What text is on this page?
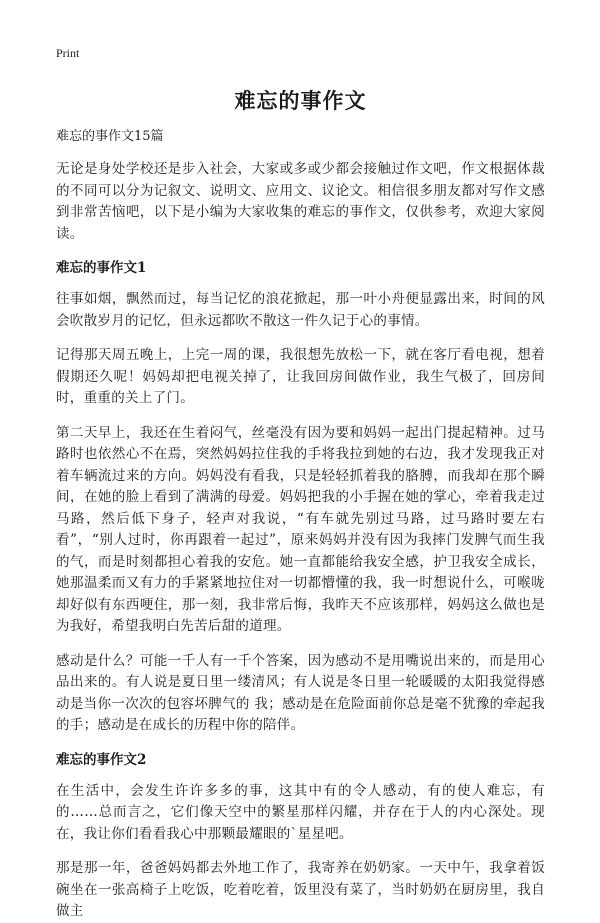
Print
难忘的事作文
难忘的事作文15篇

无论是身处学校还是步入社会，大家或多或少都会接触过作文吧，作文根据体裁的不同可以分为记叙文、说明文、应用文、议论文。相信很多朋友都对写作文感到非常苦恼吧，以下是小编为大家收集的难忘的事作文，仅供参考，欢迎大家阅读。

难忘的事作文1

往事如烟，飘然而过，每当记忆的浪花掀起，那一叶小舟便显露出来，时间的风会吹散岁月的记忆，但永远都吹不散这一件久记于心的事情。

记得那天周五晚上，上完一周的课，我很想先放松一下，就在客厅看电视，想着假期还久呢！妈妈却把电视关掉了，让我回房间做作业，我生气极了，回房间时，重重的关上了门。

第二天早上，我还在生着闷气，丝毫没有因为要和妈妈一起出门提起精神。过马路时也依然心不在焉，突然妈妈拉住我的手将我拉到她的右边，我才发现我正对着车辆流过来的方向。妈妈没有看我，只是轻轻抓着我的胳膊，而我却在那个瞬间，在她的脸上看到了满满的母爱。妈妈把我的小手握在她的掌心，牵着我走过马路，然后低下身子，轻声对我说，“有车就先别过马路，过马路时要左右看”，“别人过时，你再跟着一起过”，原来妈妈并没有因为我摔门发脾气而生我的气，而是时刻都担心着我的安危。她一直都能给我安全感，护卫我安全成长，她那温柔而又有力的手紧紧地拉住对一切都懵懂的我，我一时想说什么，可喉咙却好似有东西哽住，那一刻，我非常后悔，我昨天不应该那样，妈妈这么做也是为我好，希望我明白先苦后甜的道理。

感动是什么？可能一千人有一千个答案，因为感动不是用嘴说出来的，而是用心品出来的。有人说是夏日里一缕清风；有人说是冬日里一轮暖暖的太阳我觉得感动是当你一次次的包容坏脾气的 我；感动是在危险面前你总是毫不犹豫的牵起我的手；感动是在成长的历程中你的陪伴。

难忘的事作文2

在生活中，会发生许许多多的事，这其中有的令人感动，有的使人难忘，有的……总而言之，它们像天空中的繁星那样闪耀，并存在于人的内心深处。现在，我让你们看看我心中那颗最耀眼的`星星吧。

那是那一年，爸爸妈妈都去外地工作了，我寄养在奶奶家。一天中午，我拿着饭碗坐在一张高椅子上吃饭，吃着吃着，饭里没有菜了，当时奶奶在厨房里，我自做主
